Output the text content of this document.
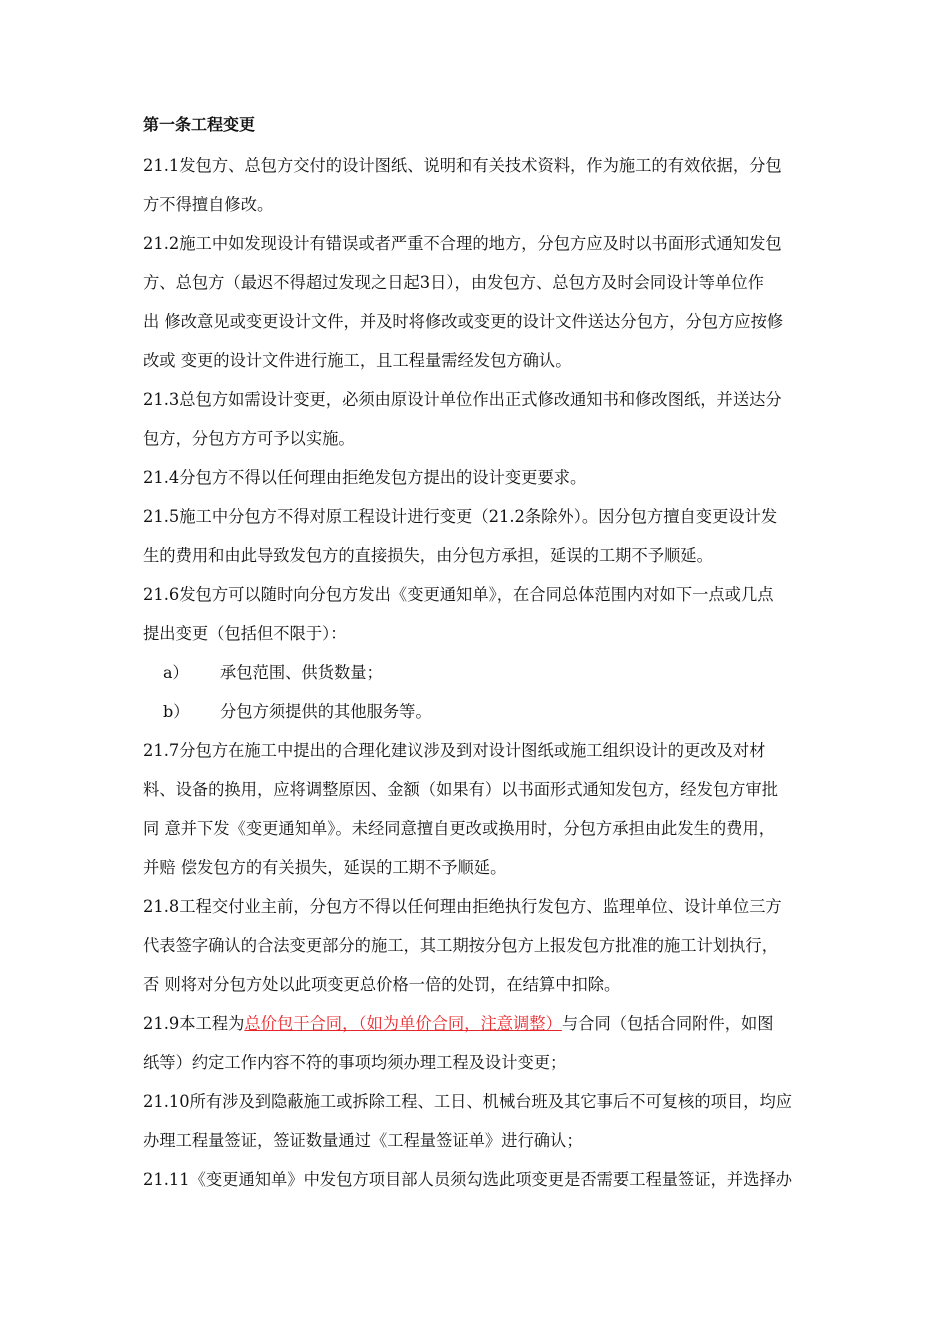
第一条工程变更
21.1发包方、总包方交付的设计图纸、说明和有关技术资料，作为施工的有效依据，分包
方不得擅自修改。
21.2施工中如发现设计有错误或者严重不合理的地方，分包方应及时以书面形式通知发包
方、总包方（最迟不得超过发现之日起3日），由发包方、总包方及时会同设计等单位作
出 修改意见或变更设计文件，并及时将修改或变更的设计文件送达分包方，分包方应按修
改或 变更的设计文件进行施工，且工程量需经发包方确认。
21.3总包方如需设计变更，必须由原设计单位作出正式修改通知书和修改图纸，并送达分
包方，分包方方可予以实施。
21.4分包方不得以任何理由拒绝发包方提出的设计变更要求。
21.5施工中分包方不得对原工程设计进行变更（21.2条除外）。因分包方擅自变更设计发
生的费用和由此导致发包方的直接损失，由分包方承担，延误的工期不予顺延。
21.6发包方可以随时向分包方发出《变更通知单》，在合同总体范围内对如下一点或几点
提出变更（包括但不限于）：
a） 承包范围、供货数量；
b） 分包方须提供的其他服务等。
21.7分包方在施工中提出的合理化建议涉及到对设计图纸或施工组织设计的更改及对材
料、设备的换用，应将调整原因、金额（如果有）以书面形式通知发包方，经发包方审批
同 意并下发《变更通知单》。未经同意擅自更改或换用时，分包方承担由此发生的费用，
并赔 偿发包方的有关损失，延误的工期不予顺延。
21.8工程交付业主前，分包方不得以任何理由拒绝执行发包方、监理单位、设计单位三方
代表签字确认的合法变更部分的施工，其工期按分包方上报发包方批准的施工计划执行，
否 则将对分包方处以此项变更总价格一倍的处罚，在结算中扣除。
21.9本工程为总价包干合同，（如为单价合同，注意调整）与合同（包括合同附件，如图
纸等）约定工作内容不符的事项均须办理工程及设计变更；
21.10所有涉及到隐蔽施工或拆除工程、工日、机械台班及其它事后不可复核的项目，均应
办理工程量签证，签证数量通过《工程量签证单》进行确认；
21.11《变更通知单》中发包方项目部人员须勾选此项变更是否需要工程量签证，并选择办
